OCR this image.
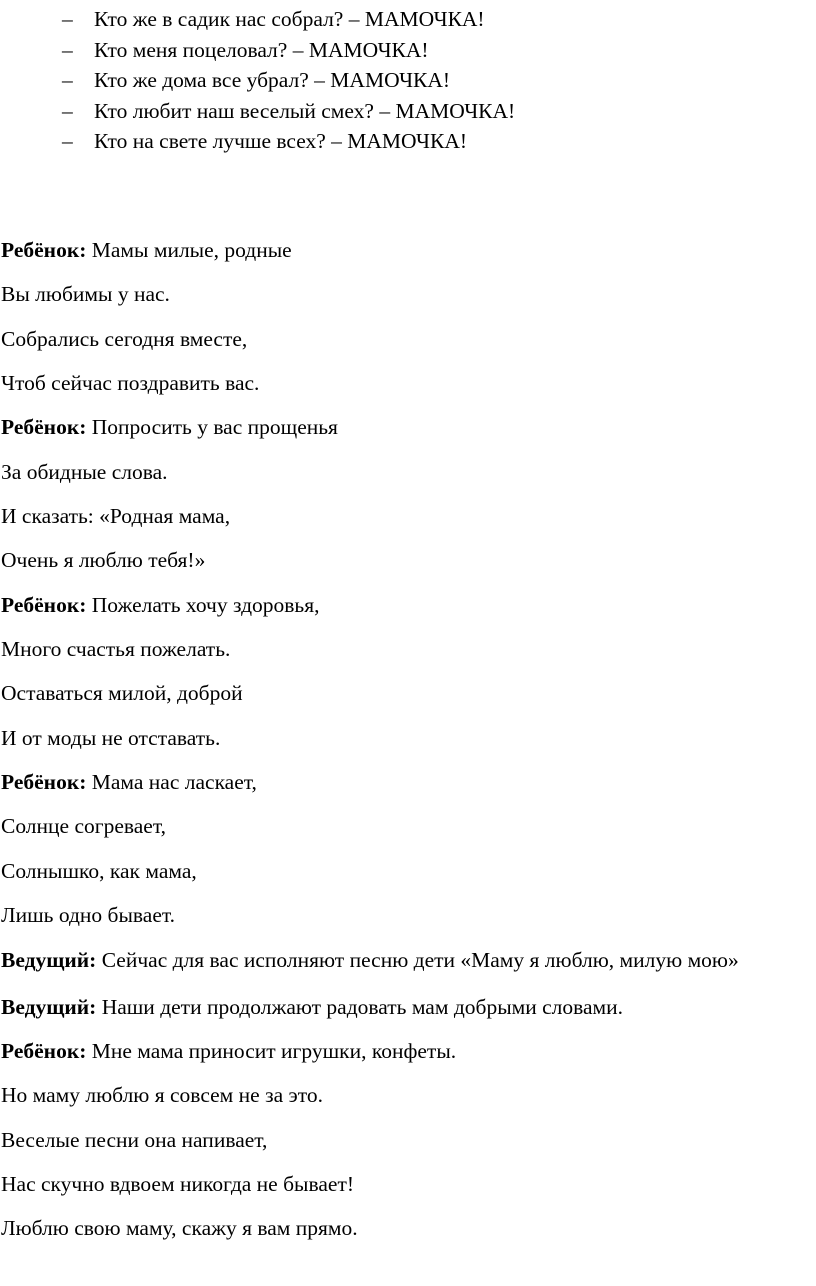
– Кто же в садик нас собрал? – МАМОЧКА!
– Кто меня поцеловал? – МАМОЧКА!
– Кто же дома все убрал? – МАМОЧКА!
– Кто любит наш веселый смех? – МАМОЧКА!
– Кто на свете лучше всех? – МАМОЧКА!
Ребёнок: Мамы милые, родные
Вы любимы у нас.
Собрались сегодня вместе,
Чтоб сейчас поздравить вас.
Ребёнок: Попросить у вас прощенья
За обидные слова.
И сказать: «Родная мама,
Очень я люблю тебя!»
Ребёнок: Пожелать хочу здоровья,
Много счастья пожелать.
Оставаться милой, доброй
И от моды не отставать.
Ребёнок: Мама нас ласкает,
Солнце согревает,
Солнышко, как мама,
Лишь одно бывает.
Ведущий: Сейчас для вас исполняют песню дети «Маму я люблю, милую мою»
Ведущий: Наши дети продолжают радовать мам добрыми словами.
Ребёнок: Мне мама приносит игрушки, конфеты.
Но маму люблю я совсем не за это.
Веселые песни она напивает,
Нас скучно вдвоем никогда не бывает!
Люблю свою маму, скажу я вам прямо.
